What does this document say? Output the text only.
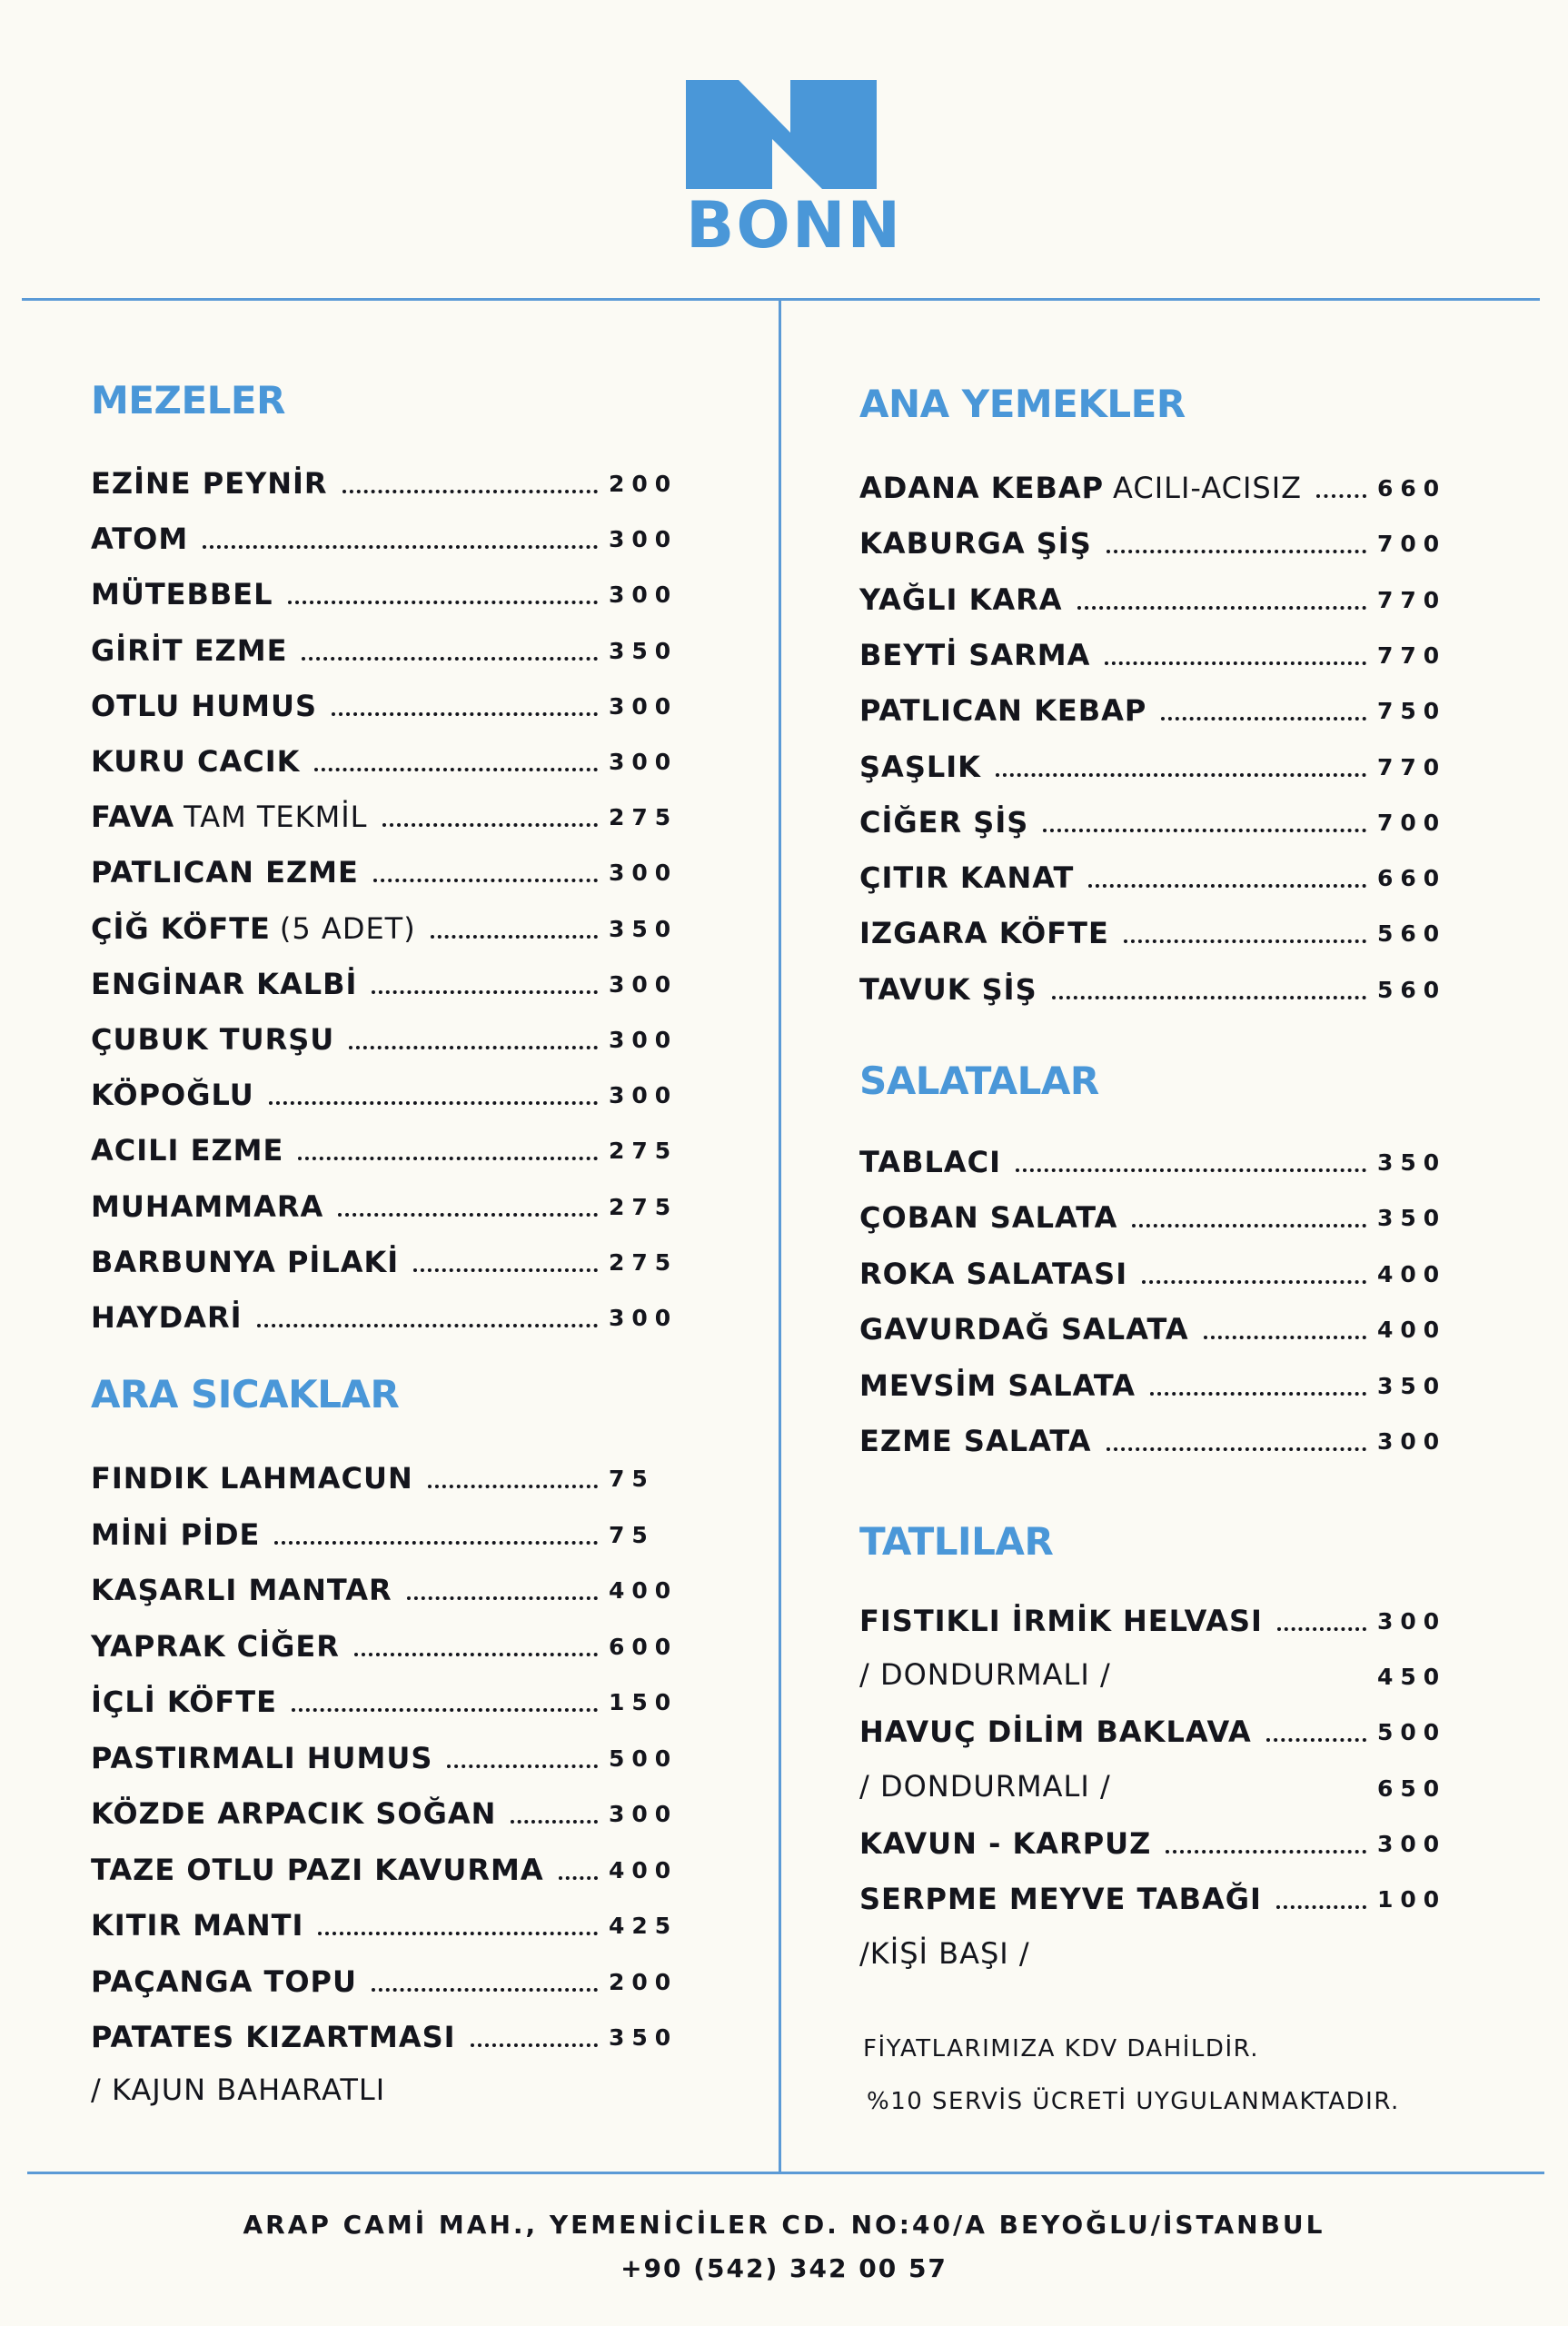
BONN
MEZELER
EZİNE PEYNİR	200
ATOM	300
MÜTEBBEL	300
GİRİT EZME	350
OTLU HUMUS	300
KURU CACIK	300
FAVA TAM TEKMİL	275
PATLICAN EZME	300
ÇİĞ KÖFTE (5 ADET)	350
ENGİNAR KALBİ	300
ÇUBUK TURŞU	300
KÖPOĞLU	300
ACILI EZME	275
MUHAMMARA	275
BARBUNYA PİLAKİ	275
HAYDARİ	300
ARA SICAKLAR
FINDIK LAHMACUN	75
MİNİ PİDE	75
KAŞARLI MANTAR	400
YAPRAK CİĞER	600
İÇLİ KÖFTE	150
PASTIRMALI HUMUS	500
KÖZDE ARPACIK SOĞAN	300
TAZE OTLU PAZI KAVURMA	400
KITIR MANTI	425
PAÇANGA TOPU	200
PATATES KIZARTMASI	350
/ KAJUN BAHARATLI
ANA YEMEKLER
ADANA KEBAP ACILI-ACISIZ	660
KABURGA ŞİŞ	700
YAĞLI KARA	770
BEYTİ SARMA	770
PATLICAN KEBAP	750
ŞAŞLIK	770
CİĞER ŞİŞ	700
ÇITIR KANAT	660
IZGARA KÖFTE	560
TAVUK ŞİŞ	560
SALATALAR
TABLACI	350
ÇOBAN SALATA	350
ROKA SALATASI	400
GAVURDAĞ SALATA	400
MEVSİM SALATA	350
EZME SALATA	300
TATLILAR
FISTIKLI İRMİK HELVASI	300
/ DONDURMALI /	450
HAVUÇ DİLİM BAKLAVA	500
/ DONDURMALI /	650
KAVUN - KARPUZ	300
SERPME MEYVE TABAĞI	100
/KİŞİ BAŞI /
FİYATLARIMIZA KDV DAHİLDİR.
%10 SERVİS ÜCRETİ UYGULANMAKTADIR.
ARAP CAMİ MAH., YEMENİCİLER CD. NO:40/A BEYOĞLU/İSTANBUL
+90 (542) 342 00 57
